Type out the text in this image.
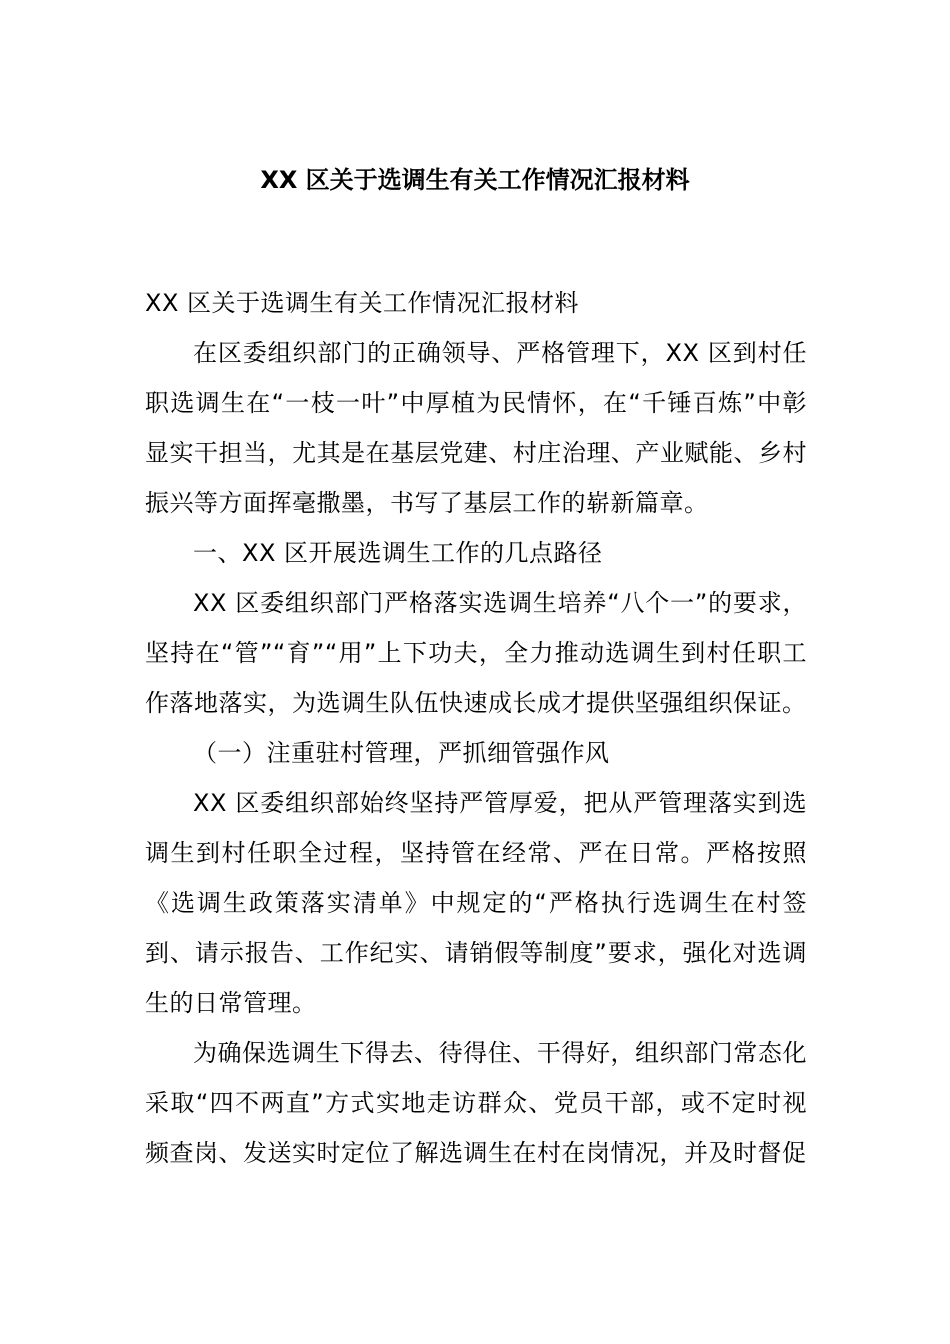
XX 区关于选调生有关工作情况汇报材料

XX 区关于选调生有关工作情况汇报材料

在区委组织部门的正确领导、严格管理下，XX 区到村任职选调生在“一枝一叶”中厚植为民情怀，在“千锤百炼”中彰显实干担当，尤其是在基层党建、村庄治理、产业赋能、乡村振兴等方面挥毫撒墨，书写了基层工作的崭新篇章。

一、XX 区开展选调生工作的几点路径

XX 区委组织部门严格落实选调生培养“八个一”的要求，坚持在“管”“育”“用”上下功夫，全力推动选调生到村任职工作落地落实，为选调生队伍快速成长成才提供坚强组织保证。

（一）注重驻村管理，严抓细管强作风

XX 区委组织部始终坚持严管厚爱，把从严管理落实到选调生到村任职全过程，坚持管在经常、严在日常。严格按照《选调生政策落实清单》中规定的“严格执行选调生在村签到、请示报告、工作纪实、请销假等制度”要求，强化对选调生的日常管理。

为确保选调生下得去、待得住、干得好，组织部门常态化采取“四不两直”方式实地走访群众、党员干部，或不定时视频查岗、发送实时定位了解选调生在村在岗情况，并及时督促
